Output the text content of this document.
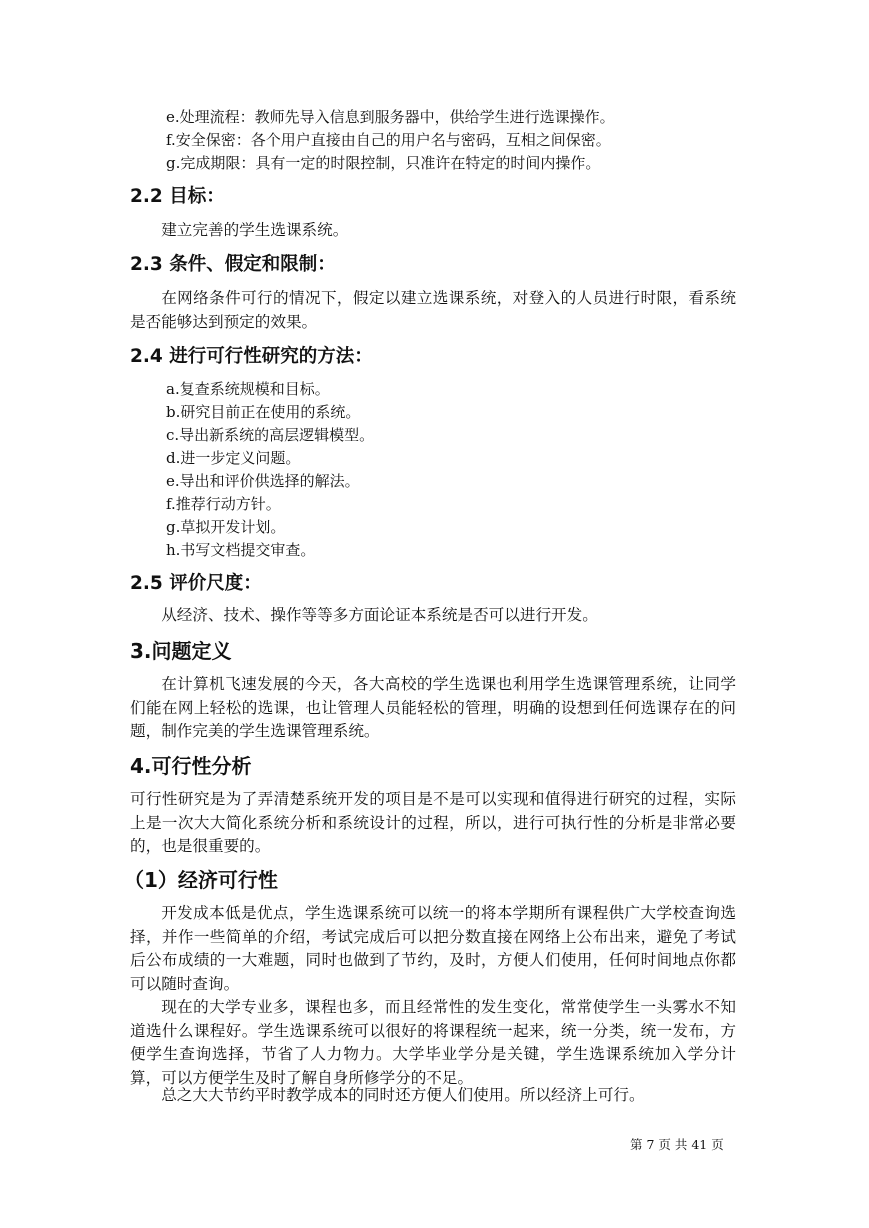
e.处理流程：教师先导入信息到服务器中，供给学生进行选课操作。
f.安全保密：各个用户直接由自己的用户名与密码，互相之间保密。
g.完成期限：具有一定的时限控制，只准许在特定的时间内操作。
2.2 目标：
建立完善的学生选课系统。
2.3 条件、假定和限制：
在网络条件可行的情况下，假定以建立选课系统，对登入的人员进行时限，看系统是否能够达到预定的效果。
2.4 进行可行性研究的方法：
a.复查系统规模和目标。
b.研究目前正在使用的系统。
c.导出新系统的高层逻辑模型。
d.进一步定义问题。
e.导出和评价供选择的解法。
f.推荐行动方针。
g.草拟开发计划。
h.书写文档提交审查。
2.5 评价尺度：
从经济、技术、操作等等多方面论证本系统是否可以进行开发。
3.问题定义
在计算机飞速发展的今天，各大高校的学生选课也利用学生选课管理系统，让同学们能在网上轻松的选课，也让管理人员能轻松的管理，明确的设想到任何选课存在的问题，制作完美的学生选课管理系统。
4.可行性分析
可行性研究是为了弄清楚系统开发的项目是不是可以实现和值得进行研究的过程，实际上是一次大大简化系统分析和系统设计的过程，所以，进行可执行性的分析是非常必要的，也是很重要的。
（1）经济可行性
开发成本低是优点，学生选课系统可以统一的将本学期所有课程供广大学校查询选择，并作一些简单的介绍，考试完成后可以把分数直接在网络上公布出来，避免了考试后公布成绩的一大难题，同时也做到了节约，及时，方便人们使用，任何时间地点你都可以随时查询。
现在的大学专业多，课程也多，而且经常性的发生变化，常常使学生一头雾水不知道选什么课程好。学生选课系统可以很好的将课程统一起来，统一分类，统一发布，方便学生查询选择，节省了人力物力。大学毕业学分是关键，学生选课系统加入学分计算，可以方便学生及时了解自身所修学分的不足。
总之大大节约平时教学成本的同时还方便人们使用。所以经济上可行。
第 7 页 共 41 页
